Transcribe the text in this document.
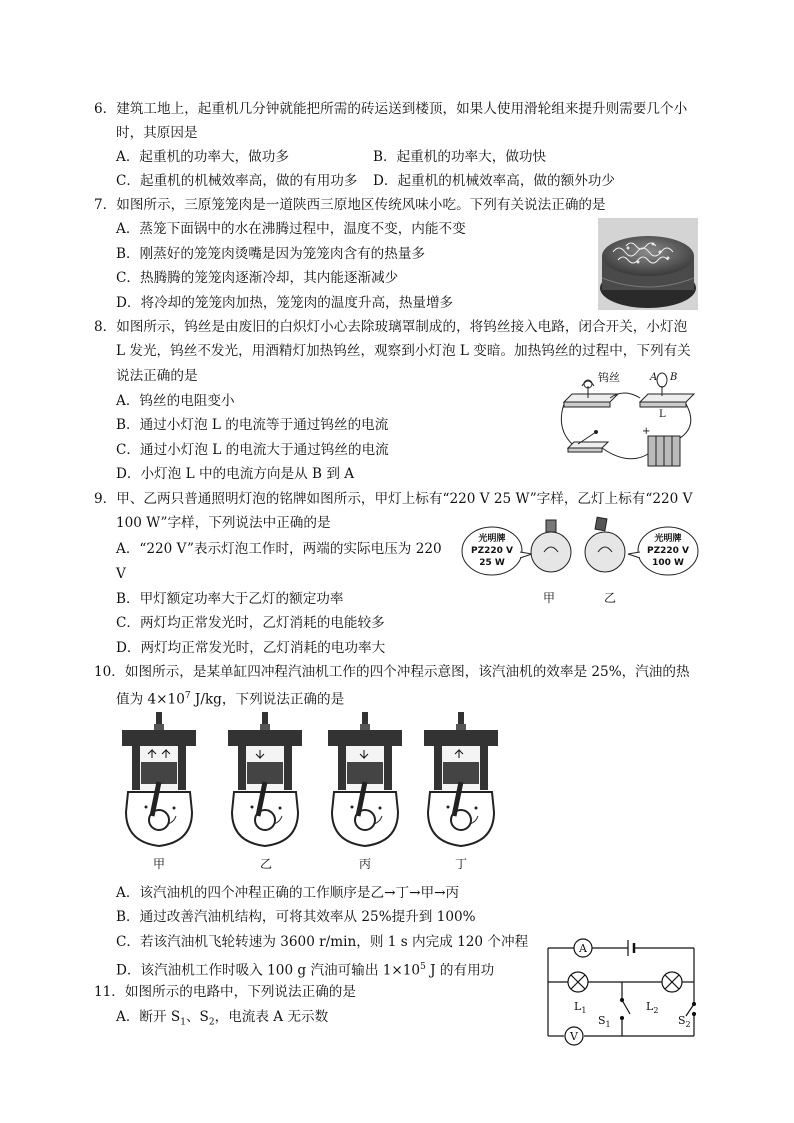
6．建筑工地上，起重机几分钟就能把所需的砖运送到楼顶，如果人使用滑轮组来提升则需要几个小
时，其原因是
A．起重机的功率大，做功多	B．起重机的功率大，做功快
C．起重机的机械效率高，做的有用功多 D．起重机的机械效率高，做的额外功少
7．如图所示，三原笼笼肉是一道陕西三原地区传统风味小吃。下列有关说法正确的是
A．蒸笼下面锅中的水在沸腾过程中，温度不变，内能不变
B．刚蒸好的笼笼肉烫嘴是因为笼笼肉含有的热量多
C．热腾腾的笼笼肉逐渐冷却，其内能逐渐减少
D．将冷却的笼笼肉加热，笼笼肉的温度升高，热量增多
8．如图所示，钨丝是由废旧的白炽灯小心去除玻璃罩制成的，将钨丝接入电路，闭合开关，小灯泡
L 发光，钨丝不发光，用酒精灯加热钨丝，观察到小灯泡 L 变暗。加热钨丝的过程中，下列有关
说法正确的是
A．钨丝的电阻变小
B．通过小灯泡 L 的电流等于通过钨丝的电流
C．通过小灯泡 L 的电流大于通过钨丝的电流
D．小灯泡 L 中的电流方向是从 B 到 A
钨丝	A B
L
+
9．甲、乙两只普通照明灯泡的铭牌如图所示，甲灯上标有“220 V 25 W”字样，乙灯上标有“220 V
100 W”字样，下列说法中正确的是
A．“220 V”表示灯泡工作时，两端的实际电压为 220
V
B．甲灯额定功率大于乙灯的额定功率
C．两灯均正常发光时，乙灯消耗的电能较多
D．两灯均正常发光时，乙灯消耗的电功率大
光明牌
PZ220 V
25 W
光明牌
PZ220 V
100 W
甲	乙
10．如图所示，是某单缸四冲程汽油机工作的四个冲程示意图，该汽油机的效率是 25%，汽油的热
值为 $4\times 10^7$ J/kg，下列说法正确的是
甲	乙	丙	丁
A．该汽油机的四个冲程正确的工作顺序是乙→丁→甲→丙
B．通过改善汽油机结构，可将其效率从 25%提升到 100%
C．若该汽油机飞轮转速为 3600 r/min，则 1 s 内完成 120 个冲程
D．该汽油机工作时吸入 100 g 汽油可输出 $1\times 10^5$ J 的有用功
11．如图所示的电路中，下列说法正确的是
A．断开 $S_1$、$S_2$，电流表 A 无示数
A
V
$L_1$
$S_1$
$L_2$
$S_2$
